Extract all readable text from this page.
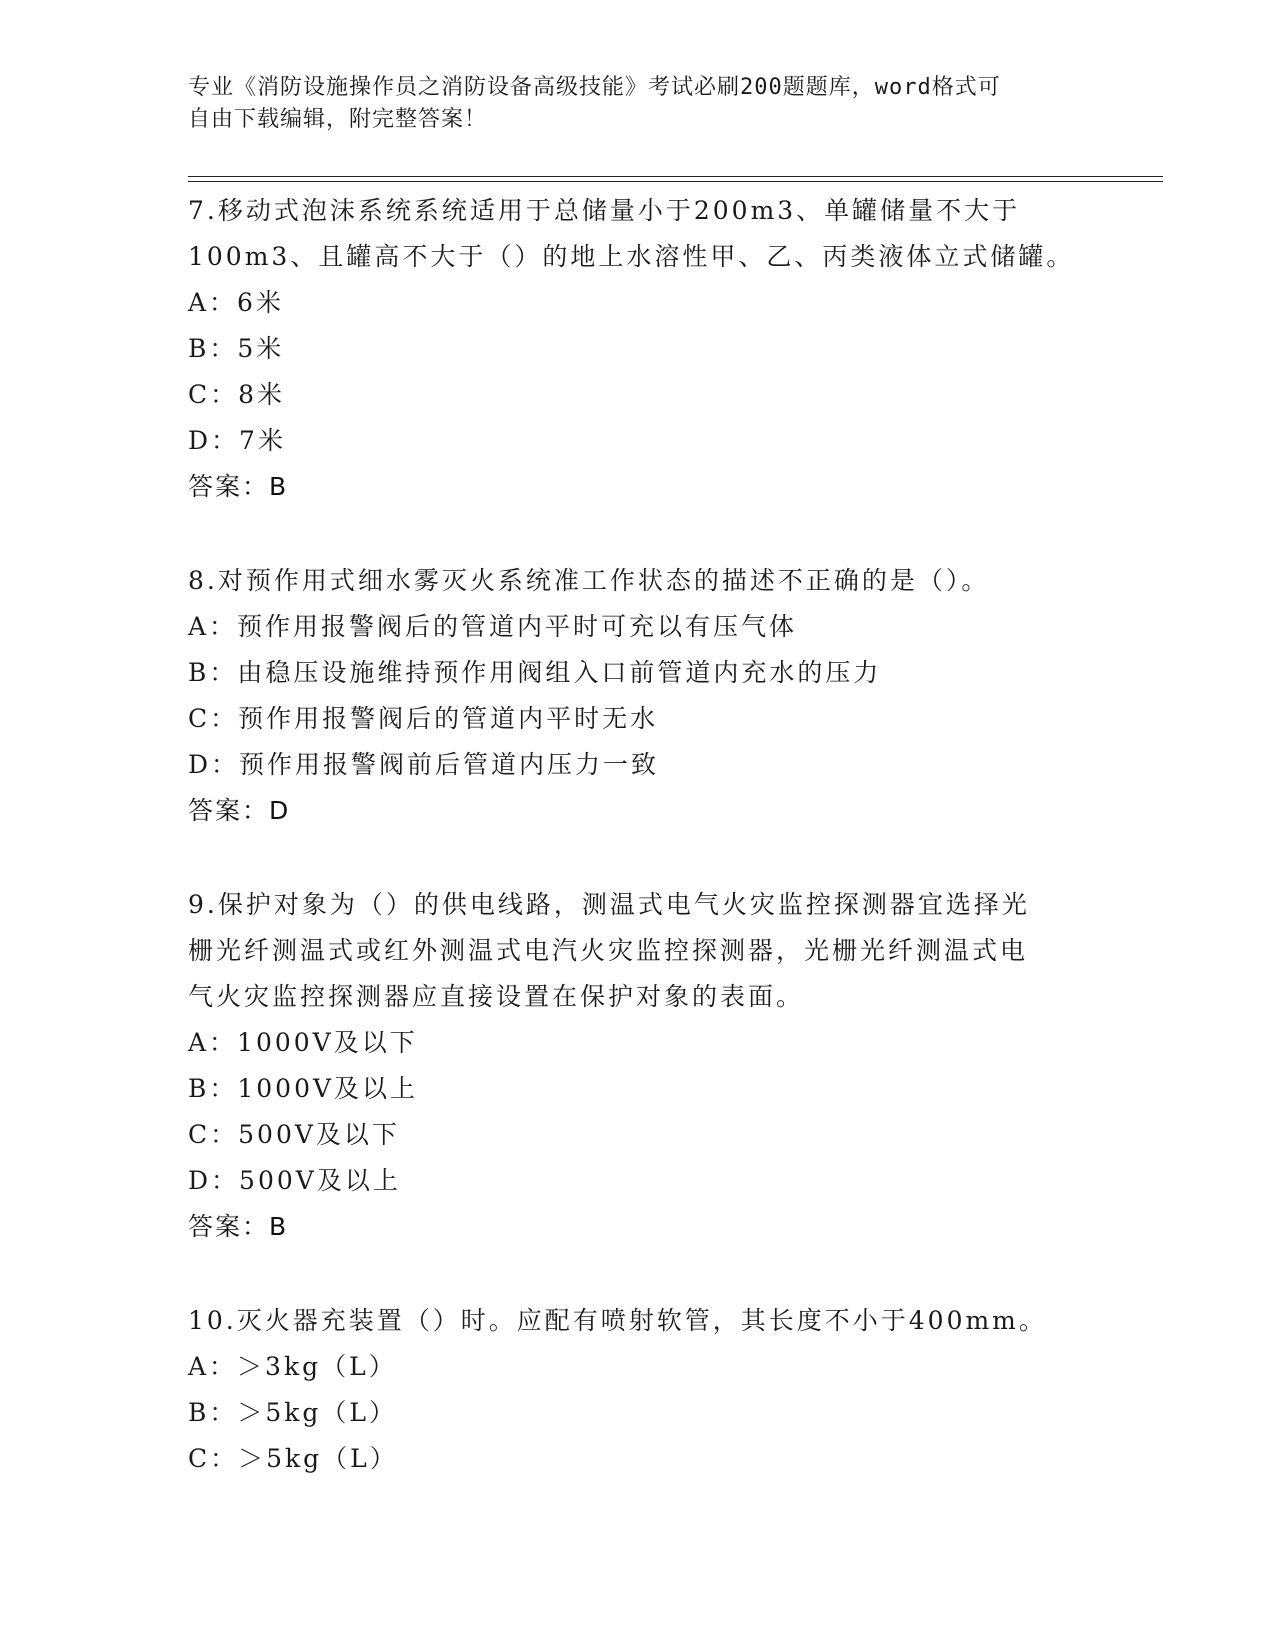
专业《消防设施操作员之消防设备高级技能》考试必刷200题题库，word格式可
自由下载编辑，附完整答案！
7.移动式泡沫系统系统适用于总储量小于200m3、单罐储量不大于
100m3、且罐高不大于（）的地上水溶性甲、乙、丙类液体立式储罐。
A：6米
B：5米
C：8米
D：7米
答案：B
8.对预作用式细水雾灭火系统准工作状态的描述不正确的是（）。
A：预作用报警阀后的管道内平时可充以有压气体
B：由稳压设施维持预作用阀组入口前管道内充水的压力
C：预作用报警阀后的管道内平时无水
D：预作用报警阀前后管道内压力一致
答案：D
9.保护对象为（）的供电线路，测温式电气火灾监控探测器宜选择光
栅光纤测温式或红外测温式电汽火灾监控探测器，光栅光纤测温式电
气火灾监控探测器应直接设置在保护对象的表面。
A：1000V及以下
B：1000V及以上
C：500V及以下
D：500V及以上
答案：B
10.灭火器充装置（）时。应配有喷射软管，其长度不小于400mm。
A：＞3kg（L）
B：＞5kg（L）
C：＞5kg（L）
